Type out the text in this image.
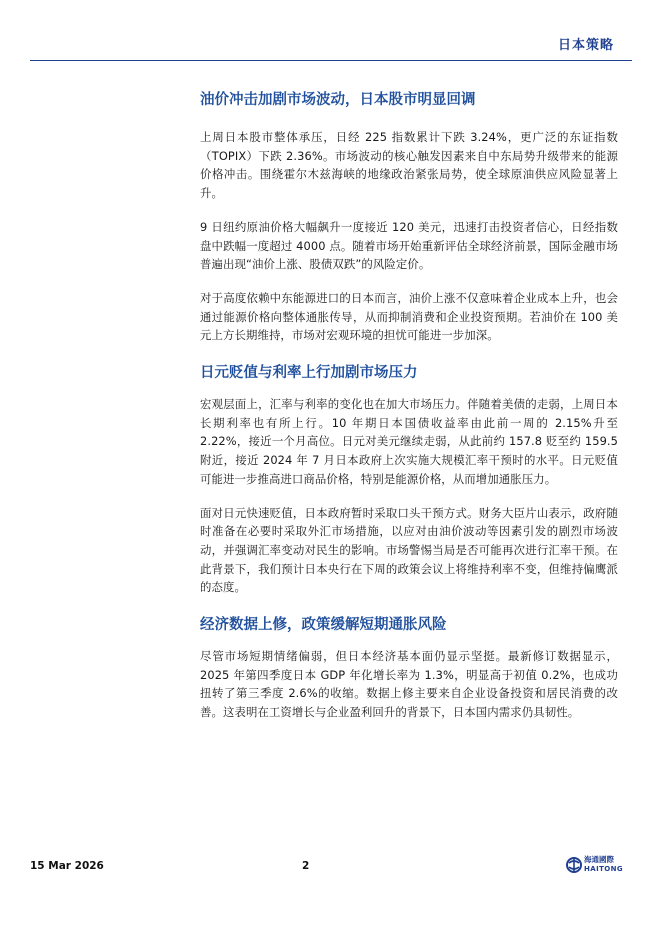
日本策略
油价冲击加剧市场波动，日本股市明显回调

上周日本股市整体承压，日经 225 指数累计下跌 3.24%，更广泛的东证指数（TOPIX）下跌 2.36%。市场波动的核心触发因素来自中东局势升级带来的能源价格冲击。围绕霍尔木兹海峡的地缘政治紧张局势，使全球原油供应风险显著上升。

9 日纽约原油价格大幅飙升一度接近 120 美元，迅速打击投资者信心，日经指数盘中跌幅一度超过 4000 点。随着市场开始重新评估全球经济前景，国际金融市场普遍出现“油价上涨、股债双跌”的风险定价。

对于高度依赖中东能源进口的日本而言，油价上涨不仅意味着企业成本上升，也会通过能源价格向整体通胀传导，从而抑制消费和企业投资预期。若油价在 100 美元上方长期维持，市场对宏观环境的担忧可能进一步加深。

日元贬值与利率上行加剧市场压力

宏观层面上，汇率与利率的变化也在加大市场压力。伴随着美债的走弱，上周日本长期利率也有所上行。10 年期日本国债收益率由此前一周的 2.15%升至 2.22%，接近一个月高位。日元对美元继续走弱，从此前约 157.8 贬至约 159.5 附近，接近 2024 年 7 月日本政府上次实施大规模汇率干预时的水平。日元贬值可能进一步推高进口商品价格，特别是能源价格，从而增加通胀压力。

面对日元快速贬值，日本政府暂时采取口头干预方式。财务大臣片山表示，政府随时准备在必要时采取外汇市场措施，以应对由油价波动等因素引发的剧烈市场波动，并强调汇率变动对民生的影响。市场警惕当局是否可能再次进行汇率干预。在此背景下，我们预计日本央行在下周的政策会议上将维持利率不变，但维持偏鹰派的态度。

经济数据上修，政策缓解短期通胀风险

尽管市场短期情绪偏弱，但日本经济基本面仍显示坚挺。最新修订数据显示，2025 年第四季度日本 GDP 年化增长率为 1.3%，明显高于初值 0.2%，也成功扭转了第三季度 2.6%的收缩。数据上修主要来自企业设备投资和居民消费的改善。这表明在工资增长与企业盈利回升的背景下，日本国内需求仍具韧性。

15 Mar 2026	2
海通國際
HAITONG
